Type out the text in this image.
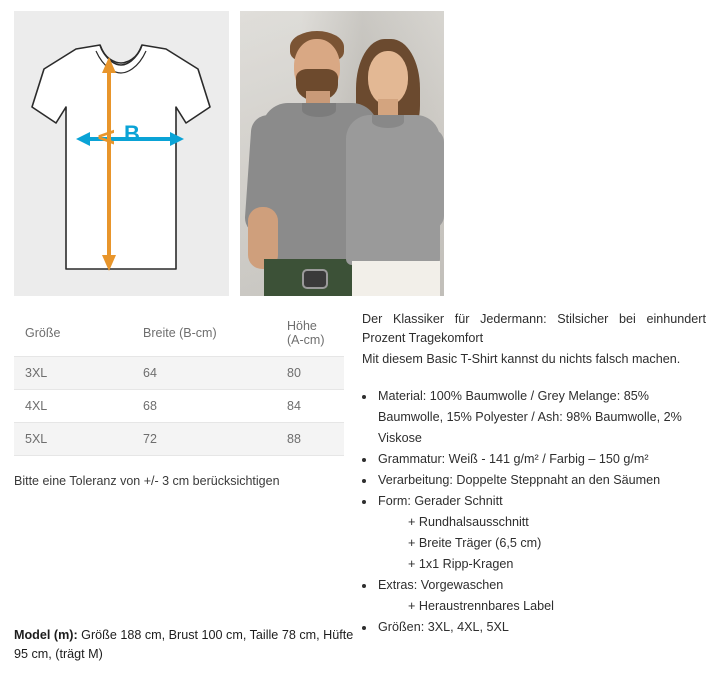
B
A
Größe	Breite (B-cm)	Höhe (A-cm)
3XL	64	80
4XL	68	84
5XL	72	88
Bitte eine Toleranz von +/- 3 cm berücksichtigen

Der Klassiker für Jedermann: Stilsicher bei einhundert Prozent Tragekomfort

Mit diesem Basic T-Shirt kannst du nichts falsch machen.

• Material: 100% Baumwolle / Grey Melange: 85% Baumwolle, 15% Polyester / Ash: 98% Baumwolle, 2% Viskose
• Grammatur: Weiß - 141 g/m² / Farbig – 150 g/m²
• Verarbeitung: Doppelte Steppnaht an den Säumen
• Form: Gerader Schnitt
+ Rundhalsausschnitt
+ Breite Träger (6,5 cm)
+ 1x1 Ripp-Kragen
• Extras: Vorgewaschen
+ Heraustrennbares Label
• Größen: 3XL, 4XL, 5XL
Model (m): Größe 188 cm, Brust 100 cm, Taille 78 cm, Hüfte 95 cm, (trägt M)
